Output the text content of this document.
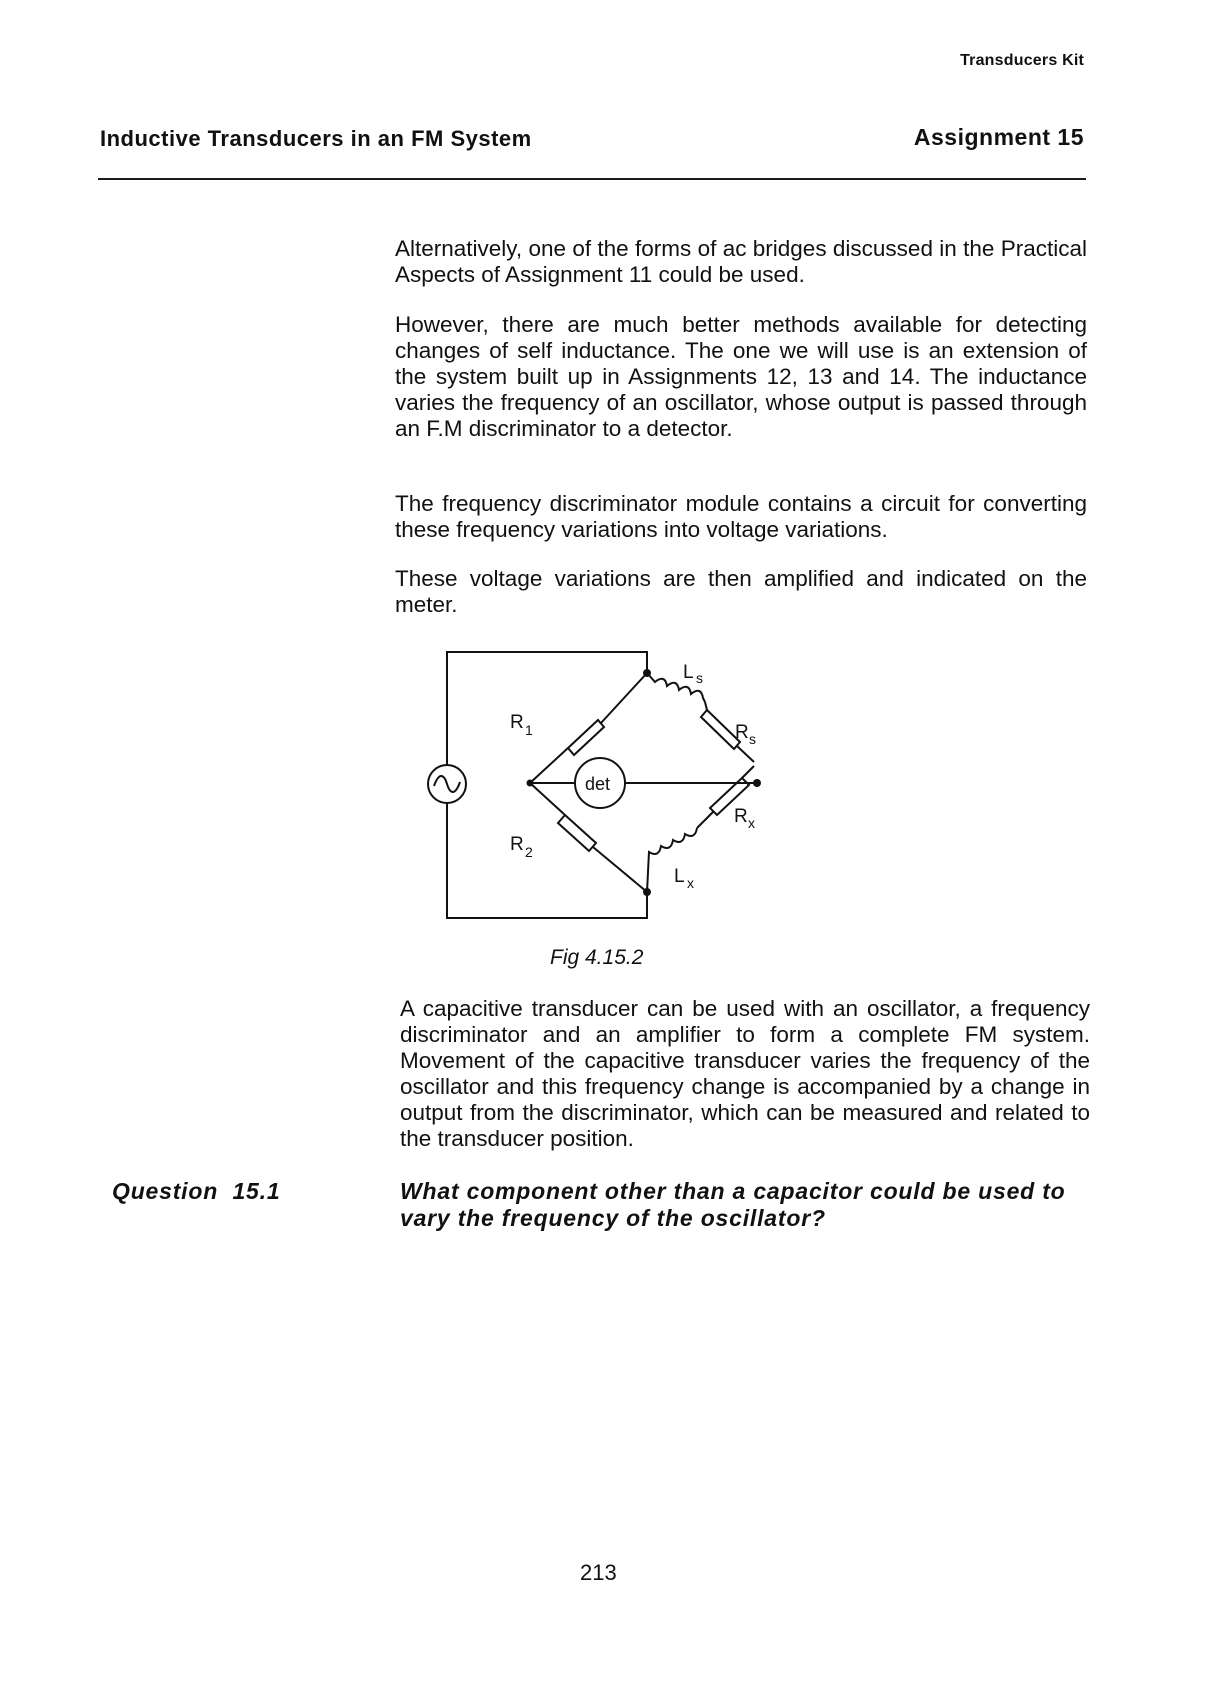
Transducers Kit
Inductive Transducers in an FM System	Assignment 15

Alternatively, one of the forms of ac bridges discussed in the Practical Aspects of Assignment 11 could be used.

However, there are much better methods available for detecting changes of self inductance. The one we will use is an extension of the system built up in Assignments 12, 13 and 14. The inductance varies the frequency of an oscillator, whose output is passed through an F.M discriminator to a detector.

The frequency discriminator module contains a circuit for converting these frequency variations into voltage variations.

These voltage variations are then amplified and indicated on the meter.

det
R 1
R 2
L s
R s
R x
L x
Fig 4.15.2

A capacitive transducer can be used with an oscillator, a frequency discriminator and an amplifier to form a complete FM system. Movement of the capacitive transducer varies the frequency of the oscillator and this frequency change is accompanied by a change in output from the discriminator, which can be measured and related to the transducer position.

Question  15.1	What component other than a capacitor could be used to vary the frequency of the oscillator?

213
